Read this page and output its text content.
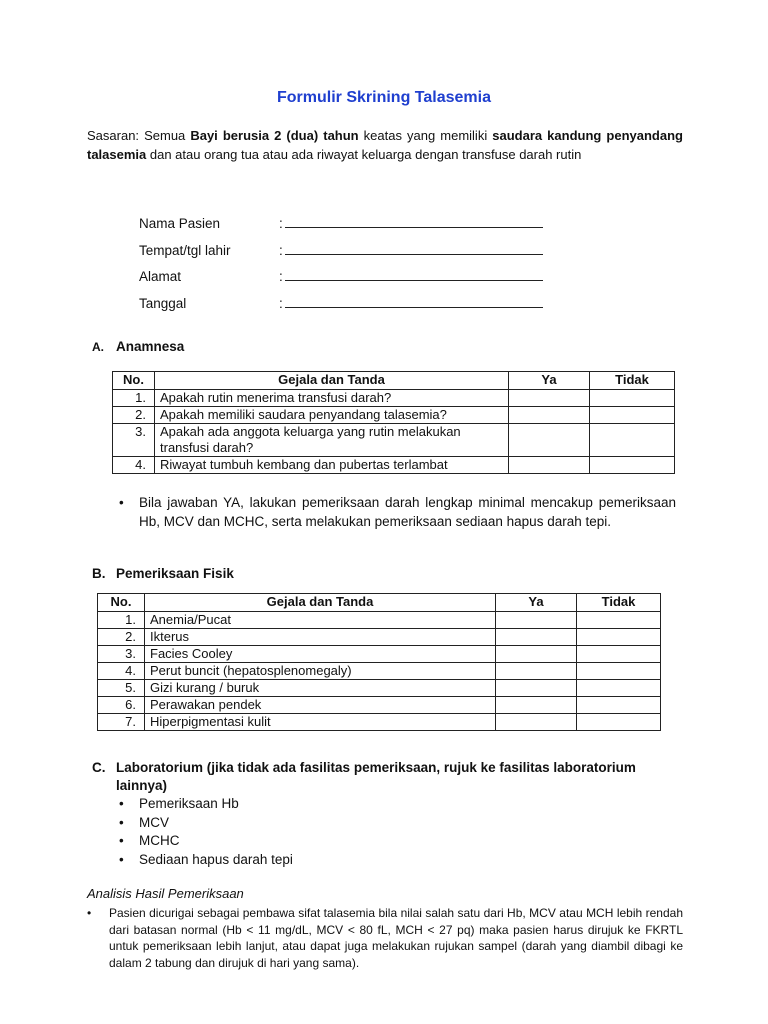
Formulir Skrining Talasemia
Sasaran: Semua Bayi berusia 2 (dua) tahun keatas yang memiliki saudara kandung penyandang talasemia dan atau orang tua atau ada riwayat keluarga dengan transfuse darah rutin
Nama Pasien	:
Tempat/tgl lahir	:
Alamat	:
Tanggal	:
A. Anamnesa
No.	Gejala dan Tanda	Ya	Tidak
1.	Apakah rutin menerima transfusi darah?		
2.	Apakah memiliki saudara penyandang talasemia?		
3.	Apakah ada anggota keluarga yang rutin melakukan transfusi darah?		
4.	Riwayat tumbuh kembang dan pubertas terlambat		
• Bila jawaban YA, lakukan pemeriksaan darah lengkap minimal mencakup pemeriksaan Hb, MCV dan MCHC, serta melakukan pemeriksaan sediaan hapus darah tepi.
B. Pemeriksaan Fisik
No.	Gejala dan Tanda	Ya	Tidak
1.	Anemia/Pucat		
2.	Ikterus		
3.	Facies Cooley		
4.	Perut buncit (hepatosplenomegaly)		
5.	Gizi kurang / buruk		
6.	Perawakan pendek		
7.	Hiperpigmentasi kulit		
C. Laboratorium (jika tidak ada fasilitas pemeriksaan, rujuk ke fasilitas laboratorium
lainnya)
• Pemeriksaan Hb
• MCV
• MCHC
• Sediaan hapus darah tepi
Analisis Hasil Pemeriksaan
• Pasien dicurigai sebagai pembawa sifat talasemia bila nilai salah satu dari Hb, MCV atau MCH lebih rendah dari batasan normal (Hb < 11 mg/dL, MCV < 80 fL, MCH < 27 pq) maka pasien harus dirujuk ke FKRTL untuk pemeriksaan lebih lanjut, atau dapat juga melakukan rujukan sampel (darah yang diambil dibagi ke dalam 2 tabung dan dirujuk di hari yang sama).
